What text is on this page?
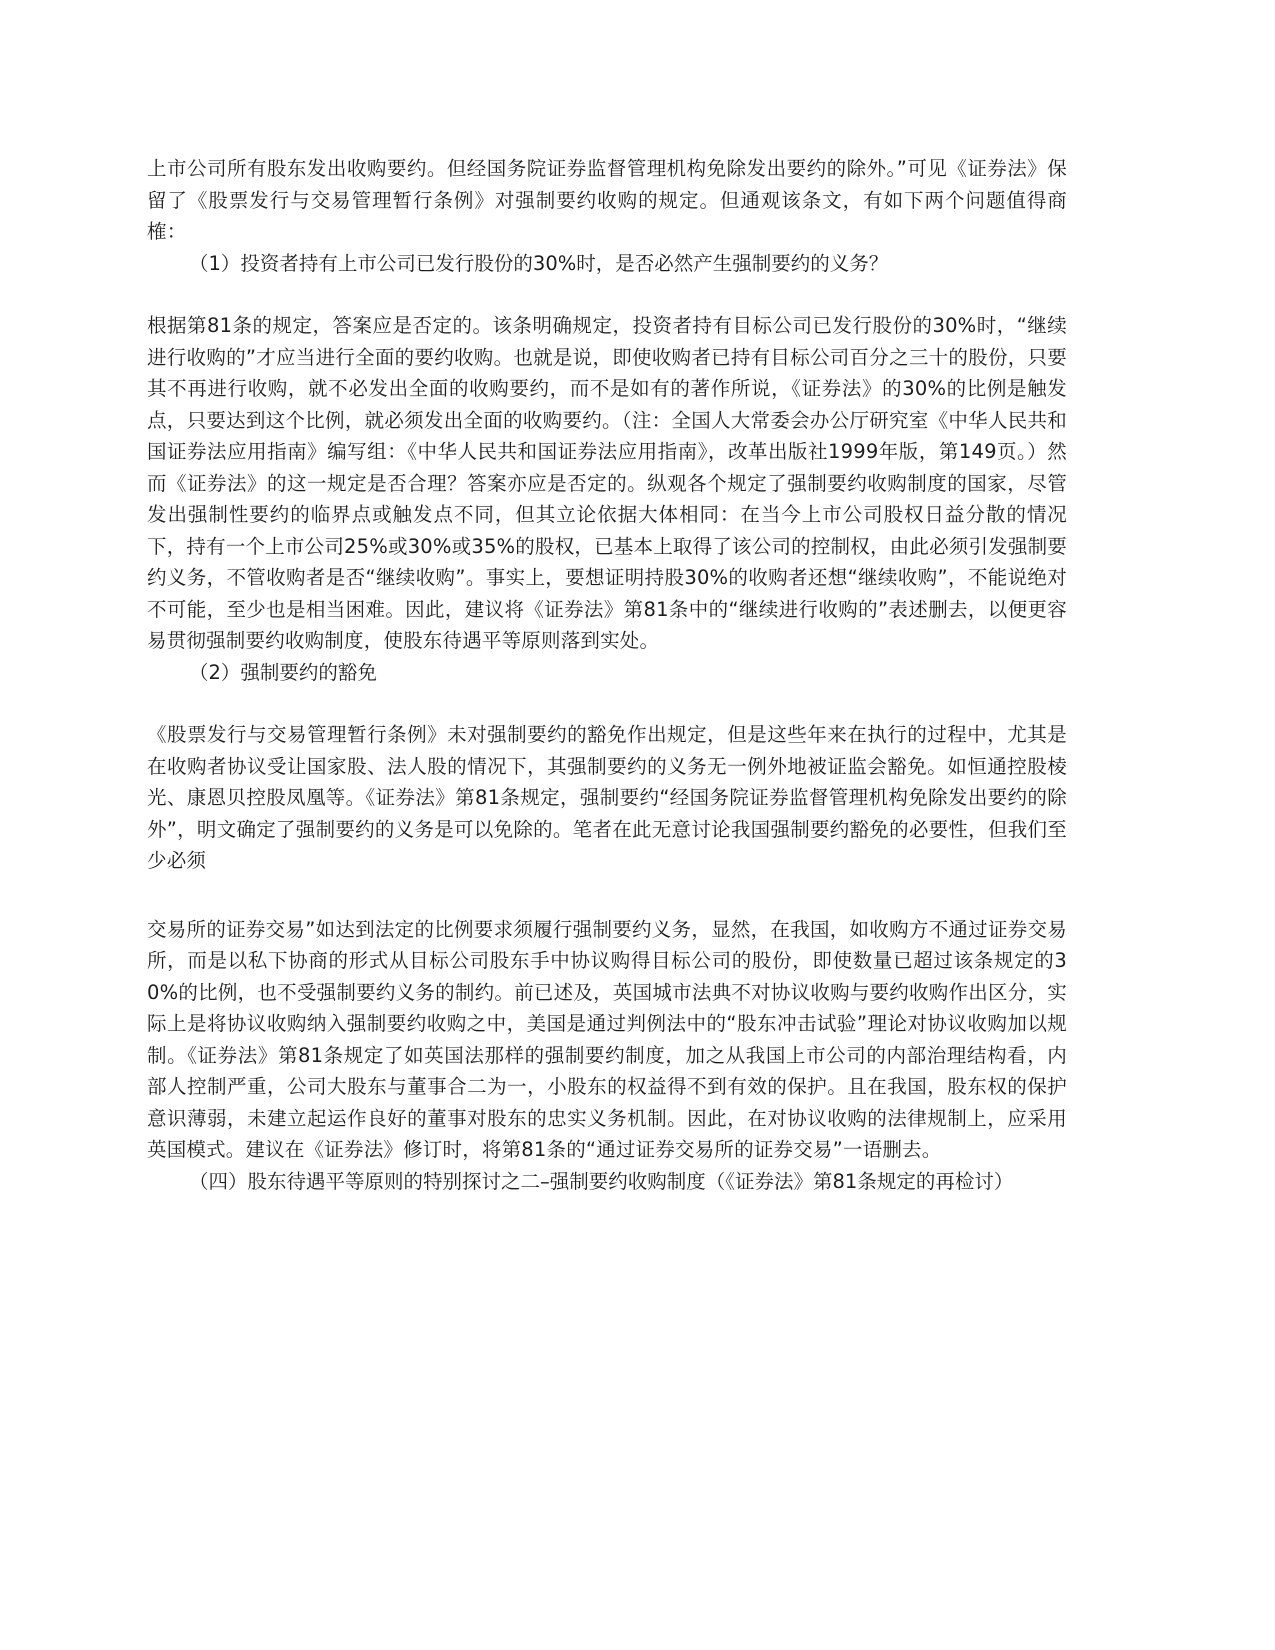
上市公司所有股东发出收购要约。但经国务院证券监督管理机构免除发出要约的除外。”可见《证券法》保留了《股票发行与交易管理暂行条例》对强制要约收购的规定。但通观该条文，有如下两个问题值得商榷：

（1）投资者持有上市公司已发行股份的30%时，是否必然产生强制要约的义务？

根据第81条的规定，答案应是否定的。该条明确规定，投资者持有目标公司已发行股份的30%时，“继续进行收购的”才应当进行全面的要约收购。也就是说，即使收购者已持有目标公司百分之三十的股份，只要其不再进行收购，就不必发出全面的收购要约，而不是如有的著作所说，《证券法》的30%的比例是触发点，只要达到这个比例，就必须发出全面的收购要约。（注：全国人大常委会办公厅研究室《中华人民共和国证券法应用指南》编写组：《中华人民共和国证券法应用指南》，改革出版社1999年版，第149页。）然而《证券法》的这一规定是否合理？答案亦应是否定的。纵观各个规定了强制要约收购制度的国家，尽管发出强制性要约的临界点或触发点不同，但其立论依据大体相同：在当今上市公司股权日益分散的情况下，持有一个上市公司25%或30%或35%的股权，已基本上取得了该公司的控制权，由此必须引发强制要约义务，不管收购者是否“继续收购”。事实上，要想证明持股30%的收购者还想“继续收购”，不能说绝对不可能，至少也是相当困难。因此，建议将《证券法》第81条中的“继续进行收购的”表述删去，以便更容易贯彻强制要约收购制度，使股东待遇平等原则落到实处。

（2）强制要约的豁免

《股票发行与交易管理暂行条例》未对强制要约的豁免作出规定，但是这些年来在执行的过程中，尤其是在收购者协议受让国家股、法人股的情况下，其强制要约的义务无一例外地被证监会豁免。如恒通控股棱光、康恩贝控股凤凰等。《证券法》第81条规定，强制要约“经国务院证券监督管理机构免除发出要约的除外”，明文确定了强制要约的义务是可以免除的。笔者在此无意讨论我国强制要约豁免的必要性，但我们至少必须

交易所的证券交易”如达到法定的比例要求须履行强制要约义务，显然，在我国，如收购方不通过证券交易所，而是以私下协商的形式从目标公司股东手中协议购得目标公司的股份，即使数量已超过该条规定的30%的比例，也不受强制要约义务的制约。前已述及，英国城市法典不对协议收购与要约收购作出区分，实际上是将协议收购纳入强制要约收购之中，美国是通过判例法中的“股东冲击试验”理论对协议收购加以规制。《证券法》第81条规定了如英国法那样的强制要约制度，加之从我国上市公司的内部治理结构看，内部人控制严重，公司大股东与董事合二为一，小股东的权益得不到有效的保护。且在我国，股东权的保护意识薄弱，未建立起运作良好的董事对股东的忠实义务机制。因此，在对协议收购的法律规制上，应采用英国模式。建议在《证券法》修订时，将第81条的“通过证券交易所的证券交易”一语删去。

（四）股东待遇平等原则的特别探讨之二–强制要约收购制度（《证券法》第81条规定的再检讨）
